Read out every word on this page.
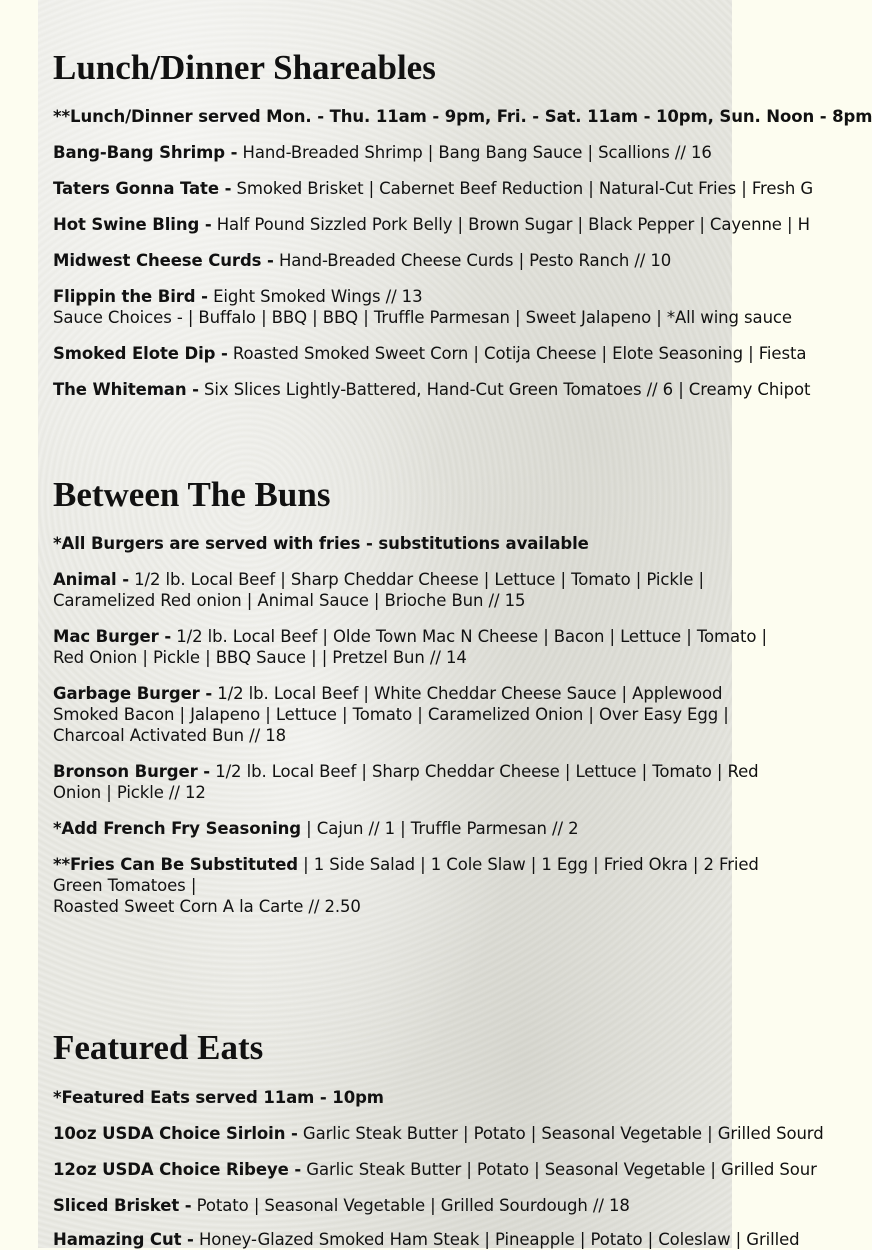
Lunch/Dinner Shareables

**Lunch/Dinner served Mon. - Thu. 11am - 9pm, Fri. - Sat. 11am - 10pm, Sun. Noon - 8pm

Bang-Bang Shrimp - Hand-Breaded Shrimp | Bang Bang Sauce | Scallions // 16

Taters Gonna Tate - Smoked Brisket | Cabernet Beef Reduction | Natural-Cut Fries | Fresh G

Hot Swine Bling - Half Pound Sizzled Pork Belly | Brown Sugar | Black Pepper | Cayenne | H

Midwest Cheese Curds - Hand-Breaded Cheese Curds | Pesto Ranch // 10

Flippin the Bird - Eight Smoked Wings // 13

Sauce Choices - | Buffalo | BBQ | BBQ | Truffle Parmesan | Sweet Jalapeno | *All wing sauce

Smoked Elote Dip - Roasted Smoked Sweet Corn | Cotija Cheese | Elote Seasoning | Fiesta

The Whiteman - Six Slices Lightly-Battered, Hand-Cut Green Tomatoes // 6 | Creamy Chipot

Between The Buns

*All Burgers are served with fries - substitutions available

Animal - 1/2 lb. Local Beef | Sharp Cheddar Cheese | Lettuce | Tomato | Pickle | Caramelized Red onion | Animal Sauce | Brioche Bun // 15

Mac Burger - 1/2 lb. Local Beef | Olde Town Mac N Cheese | Bacon | Lettuce | Tomato | Red Onion | Pickle | BBQ Sauce | | Pretzel Bun // 14

Garbage Burger - 1/2 lb. Local Beef | White Cheddar Cheese Sauce | Applewood Smoked Bacon | Jalapeno | Lettuce | Tomato | Caramelized Onion | Over Easy Egg | Charcoal Activated Bun // 18

Bronson Burger - 1/2 lb. Local Beef | Sharp Cheddar Cheese | Lettuce | Tomato | Red Onion | Pickle // 12

*Add French Fry Seasoning | Cajun // 1 | Truffle Parmesan // 2

**Fries Can Be Substituted | 1 Side Salad | 1 Cole Slaw | 1 Egg | Fried Okra | 2 Fried Green Tomatoes |

Roasted Sweet Corn A la Carte // 2.50

Featured Eats

*Featured Eats served 11am - 10pm

10oz USDA Choice Sirloin - Garlic Steak Butter | Potato | Seasonal Vegetable | Grilled Sourd

12oz USDA Choice Ribeye - Garlic Steak Butter | Potato | Seasonal Vegetable | Grilled Sour

Sliced Brisket - Potato | Seasonal Vegetable | Grilled Sourdough // 18

Hamazing Cut - Honey-Glazed Smoked Ham Steak | Pineapple | Potato | Coleslaw | Grilled
